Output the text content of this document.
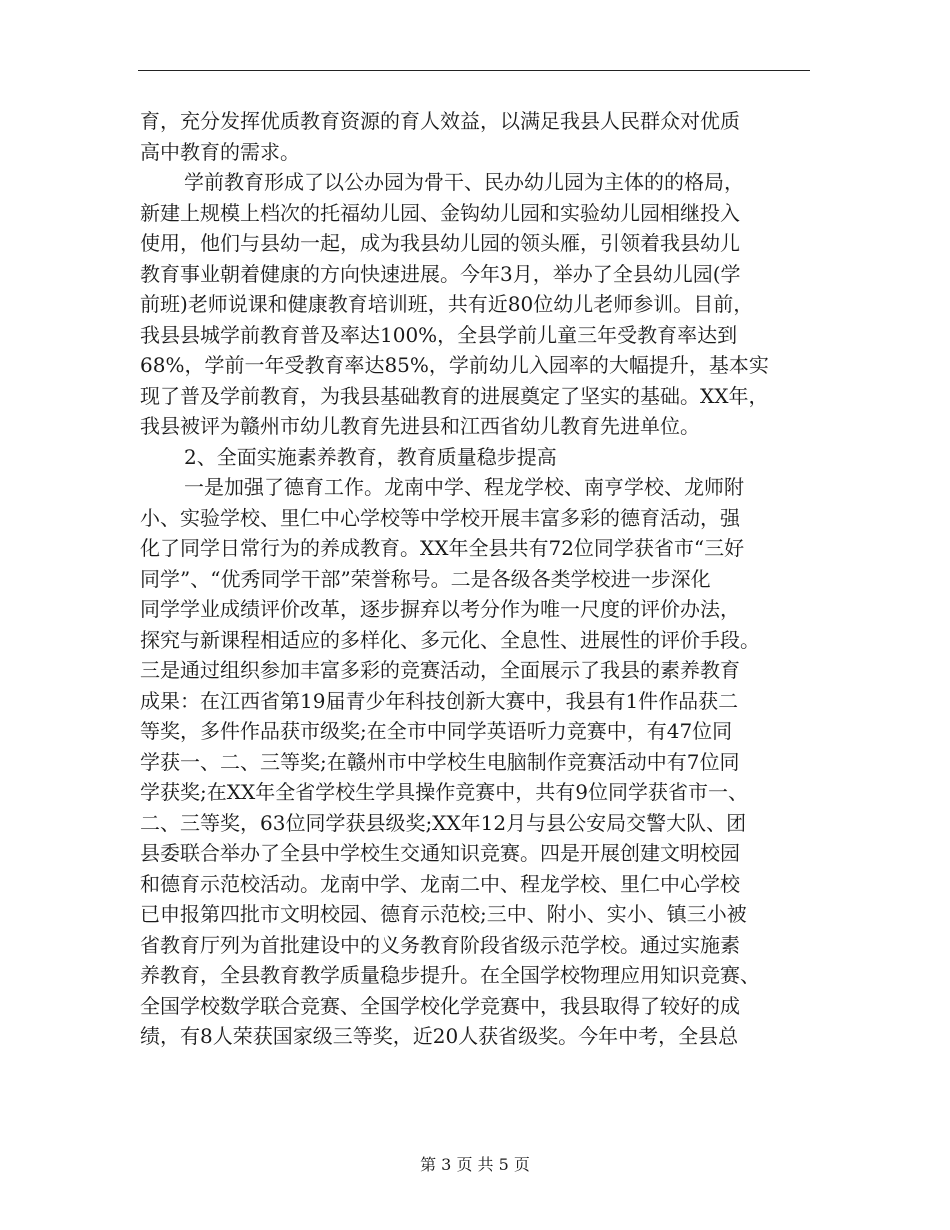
育，充分发挥优质教育资源的育人效益，以满足我县人民群众对优质
高中教育的需求。
学前教育形成了以公办园为骨干、民办幼儿园为主体的的格局，
新建上规模上档次的托福幼儿园、金钩幼儿园和实验幼儿园相继投入
使用，他们与县幼一起，成为我县幼儿园的领头雁，引领着我县幼儿
教育事业朝着健康的方向快速进展。今年3月，举办了全县幼儿园(学
前班)老师说课和健康教育培训班，共有近80位幼儿老师参训。目前，
我县县城学前教育普及率达100%，全县学前儿童三年受教育率达到
68%，学前一年受教育率达85%，学前幼儿入园率的大幅提升，基本实
现了普及学前教育，为我县基础教育的进展奠定了坚实的基础。XX年，
我县被评为赣州市幼儿教育先进县和江西省幼儿教育先进单位。
2、全面实施素养教育，教育质量稳步提高
一是加强了德育工作。龙南中学、程龙学校、南亨学校、龙师附
小、实验学校、里仁中心学校等中学校开展丰富多彩的德育活动，强
化了同学日常行为的养成教育。XX年全县共有72位同学获省市“三好
同学”、“优秀同学干部”荣誉称号。二是各级各类学校进一步深化
同学学业成绩评价改革，逐步摒弃以考分作为唯一尺度的评价办法，
探究与新课程相适应的多样化、多元化、全息性、进展性的评价手段。
三是通过组织参加丰富多彩的竞赛活动，全面展示了我县的素养教育
成果：在江西省第19届青少年科技创新大赛中，我县有1件作品获二
等奖，多件作品获市级奖;在全市中同学英语听力竞赛中，有47位同
学获一、二、三等奖;在赣州市中学校生电脑制作竞赛活动中有7位同
学获奖;在XX年全省学校生学具操作竞赛中，共有9位同学获省市一、
二、三等奖，63位同学获县级奖;XX年12月与县公安局交警大队、团
县委联合举办了全县中学校生交通知识竞赛。四是开展创建文明校园
和德育示范校活动。龙南中学、龙南二中、程龙学校、里仁中心学校
已申报第四批市文明校园、德育示范校;三中、附小、实小、镇三小被
省教育厅列为首批建设中的义务教育阶段省级示范学校。通过实施素
养教育，全县教育教学质量稳步提升。在全国学校物理应用知识竞赛、
全国学校数学联合竞赛、全国学校化学竞赛中，我县取得了较好的成
绩，有8人荣获国家级三等奖，近20人获省级奖。今年中考，全县总
第 3 页 共 5 页
